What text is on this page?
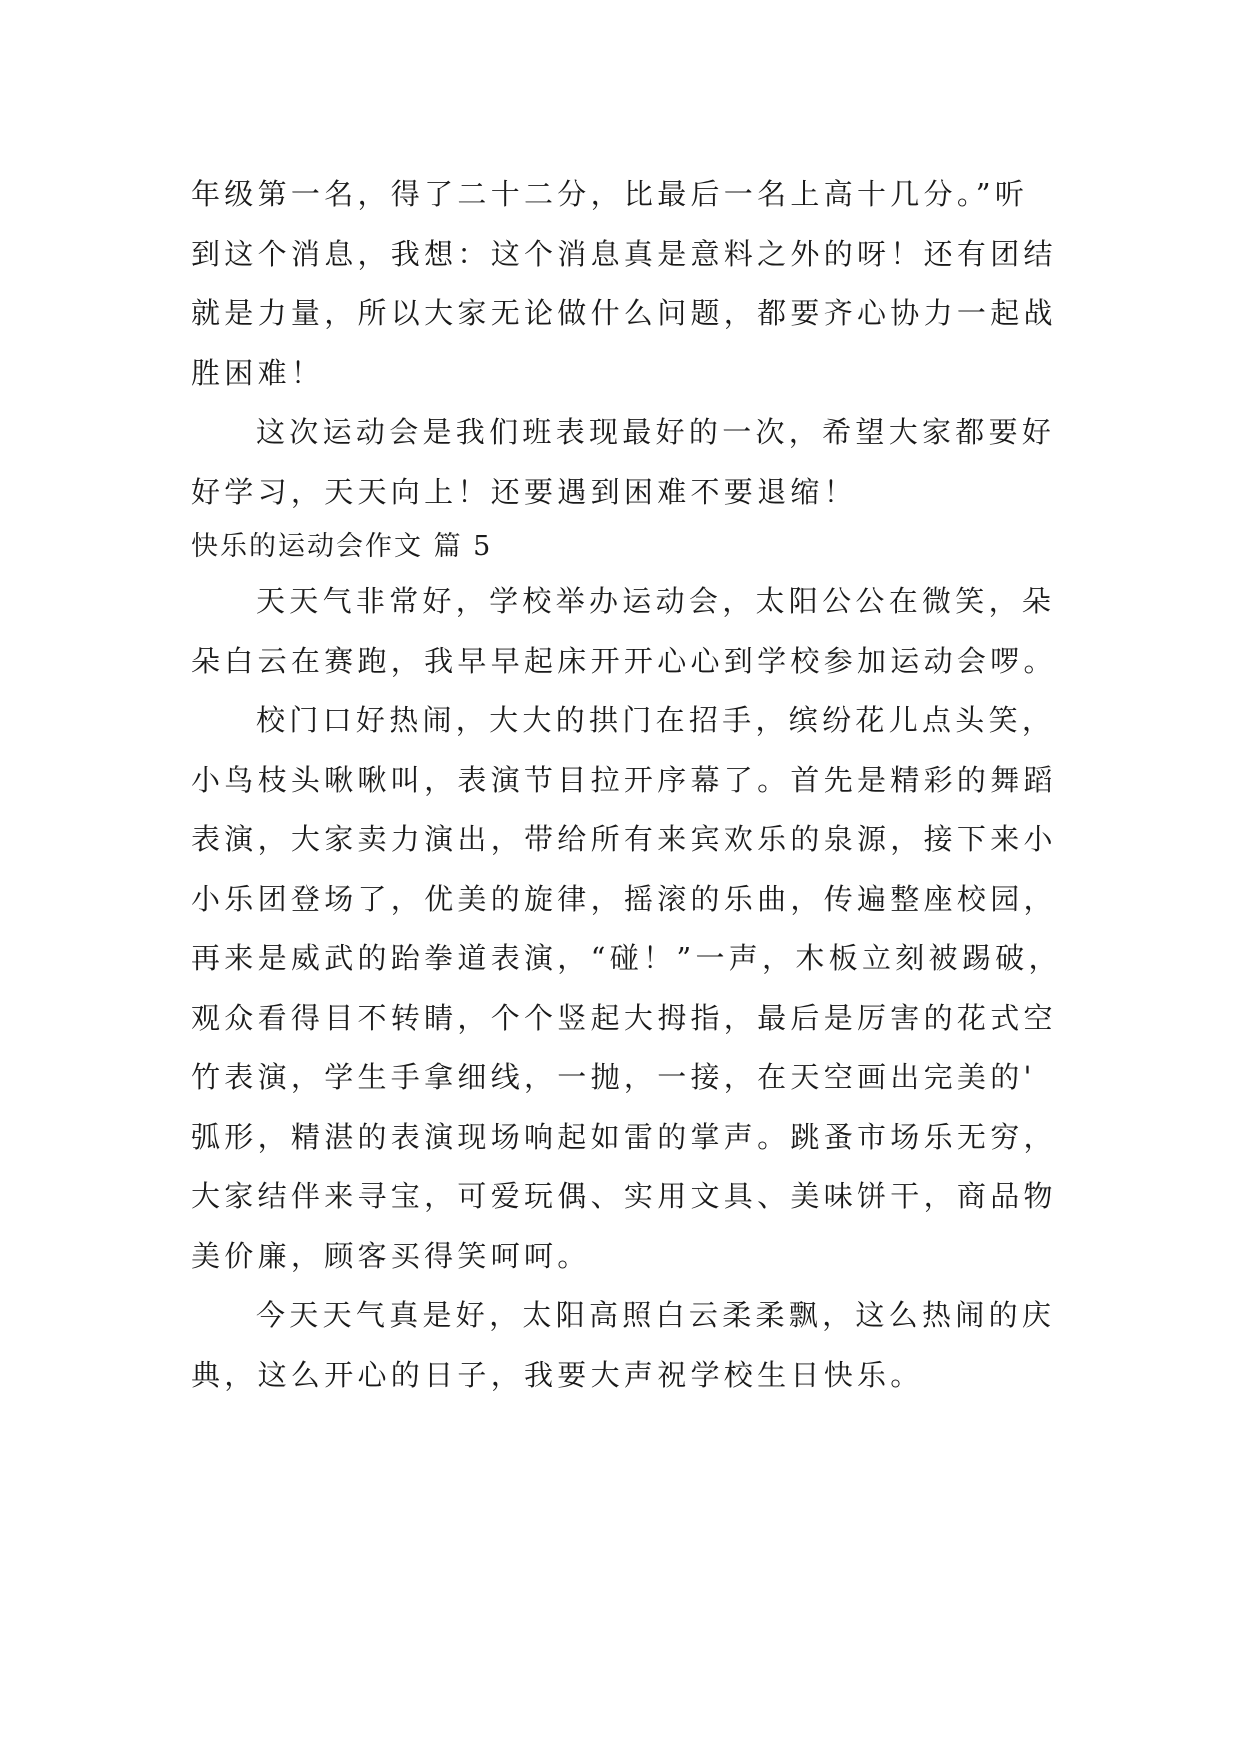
年级第一名，得了二十二分，比最后一名上高十几分。”听
到这个消息，我想：这个消息真是意料之外的呀！还有团结
就是力量，所以大家无论做什么问题，都要齐心协力一起战
胜困难！
这次运动会是我们班表现最好的一次，希望大家都要好
好学习，天天向上！还要遇到困难不要退缩！
快乐的运动会作文 篇 5
天天气非常好，学校举办运动会，太阳公公在微笑，朵
朵白云在赛跑，我早早起床开开心心到学校参加运动会啰。
校门口好热闹，大大的拱门在招手，缤纷花儿点头笑，
小鸟枝头啾啾叫，表演节目拉开序幕了。首先是精彩的舞蹈
表演，大家卖力演出，带给所有来宾欢乐的泉源，接下来小
小乐团登场了，优美的旋律，摇滚的乐曲，传遍整座校园，
再来是威武的跆拳道表演，“碰！”一声，木板立刻被踢破，
观众看得目不转睛，个个竖起大拇指，最后是厉害的花式空
竹表演，学生手拿细线，一抛，一接，在天空画出完美的'
弧形，精湛的表演现场响起如雷的掌声。跳蚤市场乐无穷，
大家结伴来寻宝，可爱玩偶、实用文具、美味饼干，商品物
美价廉，顾客买得笑呵呵。
今天天气真是好，太阳高照白云柔柔飘，这么热闹的庆
典，这么开心的日子，我要大声祝学校生日快乐。
